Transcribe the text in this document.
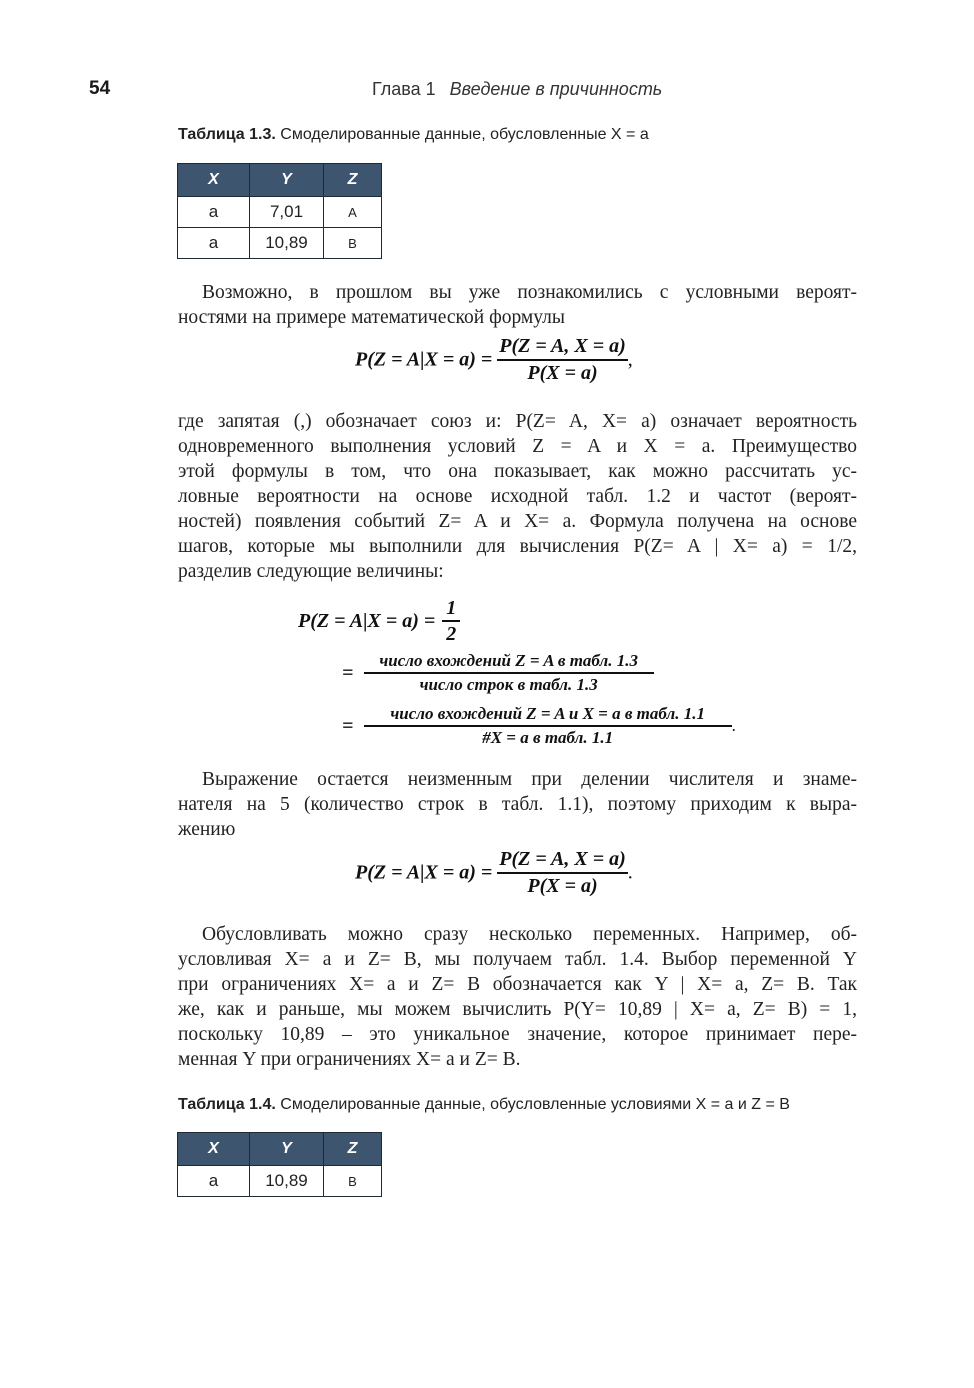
54	Глава 1 Введение в причинность
Таблица 1.3. Смоделированные данные, обусловленные X = a
X	Y	Z
a	7,01	A
a	10,89	B
Возможно, в прошлом вы уже познакомились с условными вероят-
ностями на примере математической формулы
$P(Z = A|X = a) = \frac{P(Z = A, X = a)}{P(X = a)}$ ,
где запятая (,) обозначает союз и: P(Z= A, X= a) означает вероятность
одновременного выполнения условий Z = A и X = a. Преимущество
этой формулы в том, что она показывает, как можно рассчитать ус-
ловные вероятности на основе исходной табл. 1.2 и частот (вероят-
ностей) появления событий Z= A и X= a. Формула получена на основе
шагов, которые мы выполнили для вычисления P(Z= A | X= a) = 1/2,
разделив следующие величины:
$P(Z = A|X = a) = \frac{1}{2}$
= $\frac{\text{число вхождений Z = A в табл. 1.3}}{\text{число строк в табл. 1.3}}$
= $\frac{\text{число вхождений Z = A и X = a в табл. 1.1}}{\text{\#X = a в табл. 1.1}}$ .
Выражение остается неизменным при делении числителя и знаме-
нателя на 5 (количество строк в табл. 1.1), поэтому приходим к выра-
жению
$P(Z = A|X = a) = \frac{P(Z = A, X = a)}{P(X = a)}$ .
Обусловливать можно сразу несколько переменных. Например, об-
условливая X= a и Z= B, мы получаем табл. 1.4. Выбор переменной Y
при ограничениях X= a и Z= B обозначается как Y | X= a, Z= B. Так
же, как и раньше, мы можем вычислить P(Y= 10,89 | X= a, Z= B) = 1,
поскольку 10,89 – это уникальное значение, которое принимает пере-
менная Y при ограничениях X= a и Z= B.
Таблица 1.4. Смоделированные данные, обусловленные условиями X = a и Z = B
X	Y	Z
a	10,89	B
